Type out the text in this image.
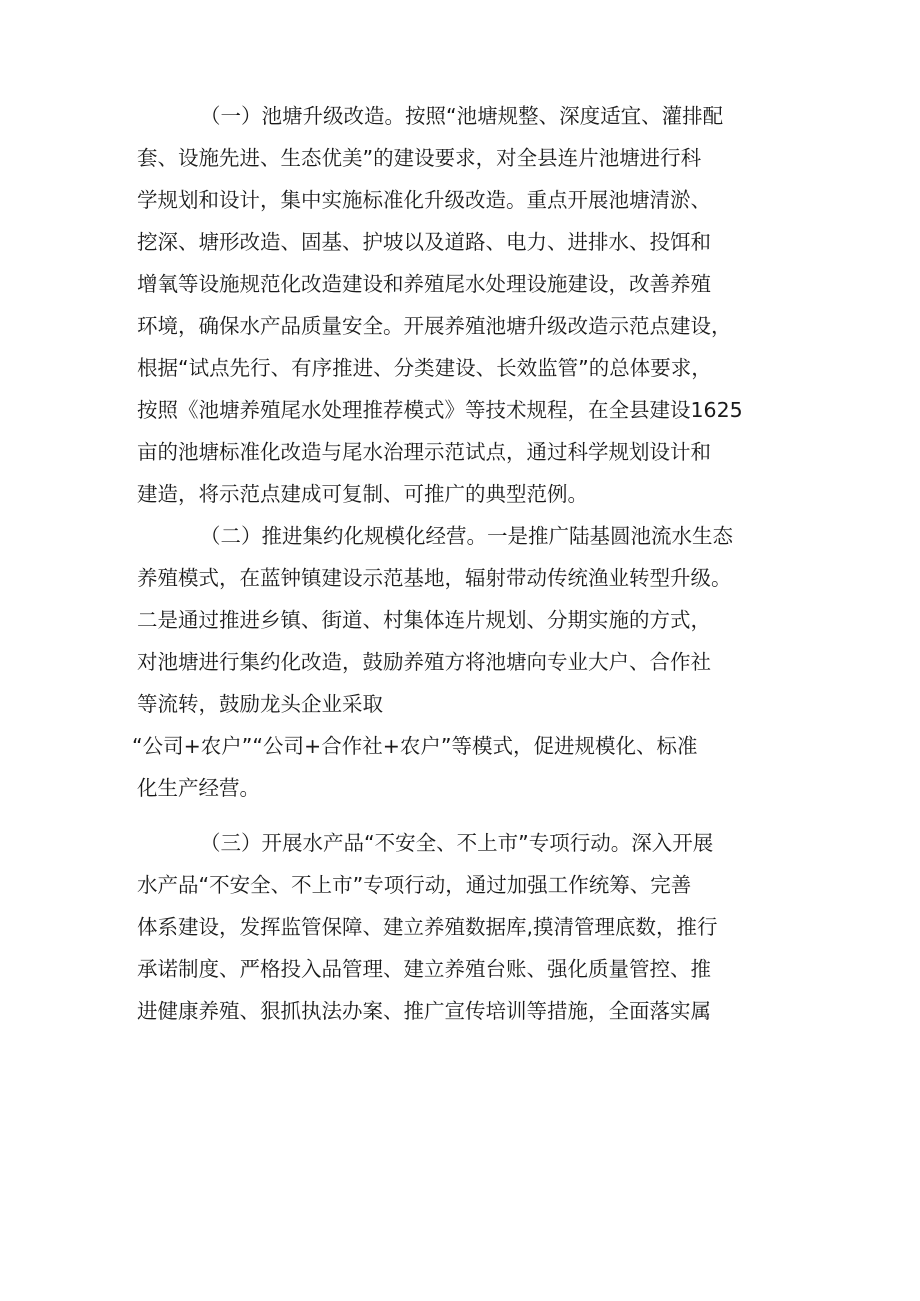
（一）池塘升级改造。按照“池塘规整、深度适宜、灌排配

套、设施先进、生态优美”的建设要求，对全县连片池塘进行科

学规划和设计，集中实施标准化升级改造。重点开展池塘清淤、

挖深、塘形改造、固基、护坡以及道路、电力、进排水、投饵和

增氧等设施规范化改造建设和养殖尾水处理设施建设，改善养殖

环境，确保水产品质量安全。开展养殖池塘升级改造示范点建设，

根据“试点先行、有序推进、分类建设、长效监管”的总体要求，

按照《池塘养殖尾水处理推荐模式》等技术规程，在全县建设1625

亩的池塘标准化改造与尾水治理示范试点，通过科学规划设计和

建造，将示范点建成可复制、可推广的典型范例。

（二）推进集约化规模化经营。一是推广陆基圆池流水生态

养殖模式，在蓝钟镇建设示范基地，辐射带动传统渔业转型升级。

二是通过推进乡镇、街道、村集体连片规划、分期实施的方式，

对池塘进行集约化改造，鼓励养殖方将池塘向专业大户、合作社

等流转，鼓励龙头企业采取

“公司+农户”“公司+合作社+农户”等模式，促进规模化、标准

化生产经营。

（三）开展水产品“不安全、不上市”专项行动。深入开展

水产品“不安全、不上市”专项行动，通过加强工作统筹、完善

体系建设，发挥监管保障、建立养殖数据库,摸清管理底数，推行

承诺制度、严格投入品管理、建立养殖台账、强化质量管控、推

进健康养殖、狠抓执法办案、推广宣传培训等措施，全面落实属
